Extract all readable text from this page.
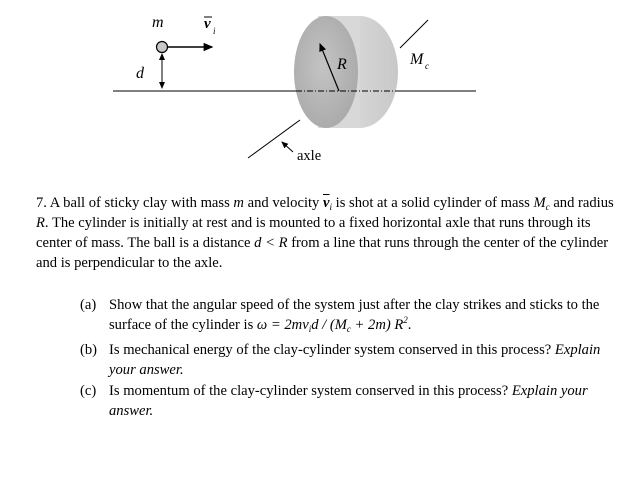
m	v i
d
R	M c
axle

7. A ball of sticky clay with mass m and velocity $\overline{v}_i$ is shot at a solid cylinder of mass $M_c$ and radius R. The cylinder is initially at rest and is mounted to a fixed horizontal axle that runs through its center of mass. The ball is a distance d < R from a line that runs through the center of the cylinder and is perpendicular to the axle.

(a) Show that the angular speed of the system just after the clay strikes and sticks to the surface of the cylinder is $\omega = 2mv_id / (M_c + 2m)$ $R^2$.

(b) Is mechanical energy of the clay-cylinder system conserved in this process? Explain your answer.

(c) Is momentum of the clay-cylinder system conserved in this process? Explain your answer.
